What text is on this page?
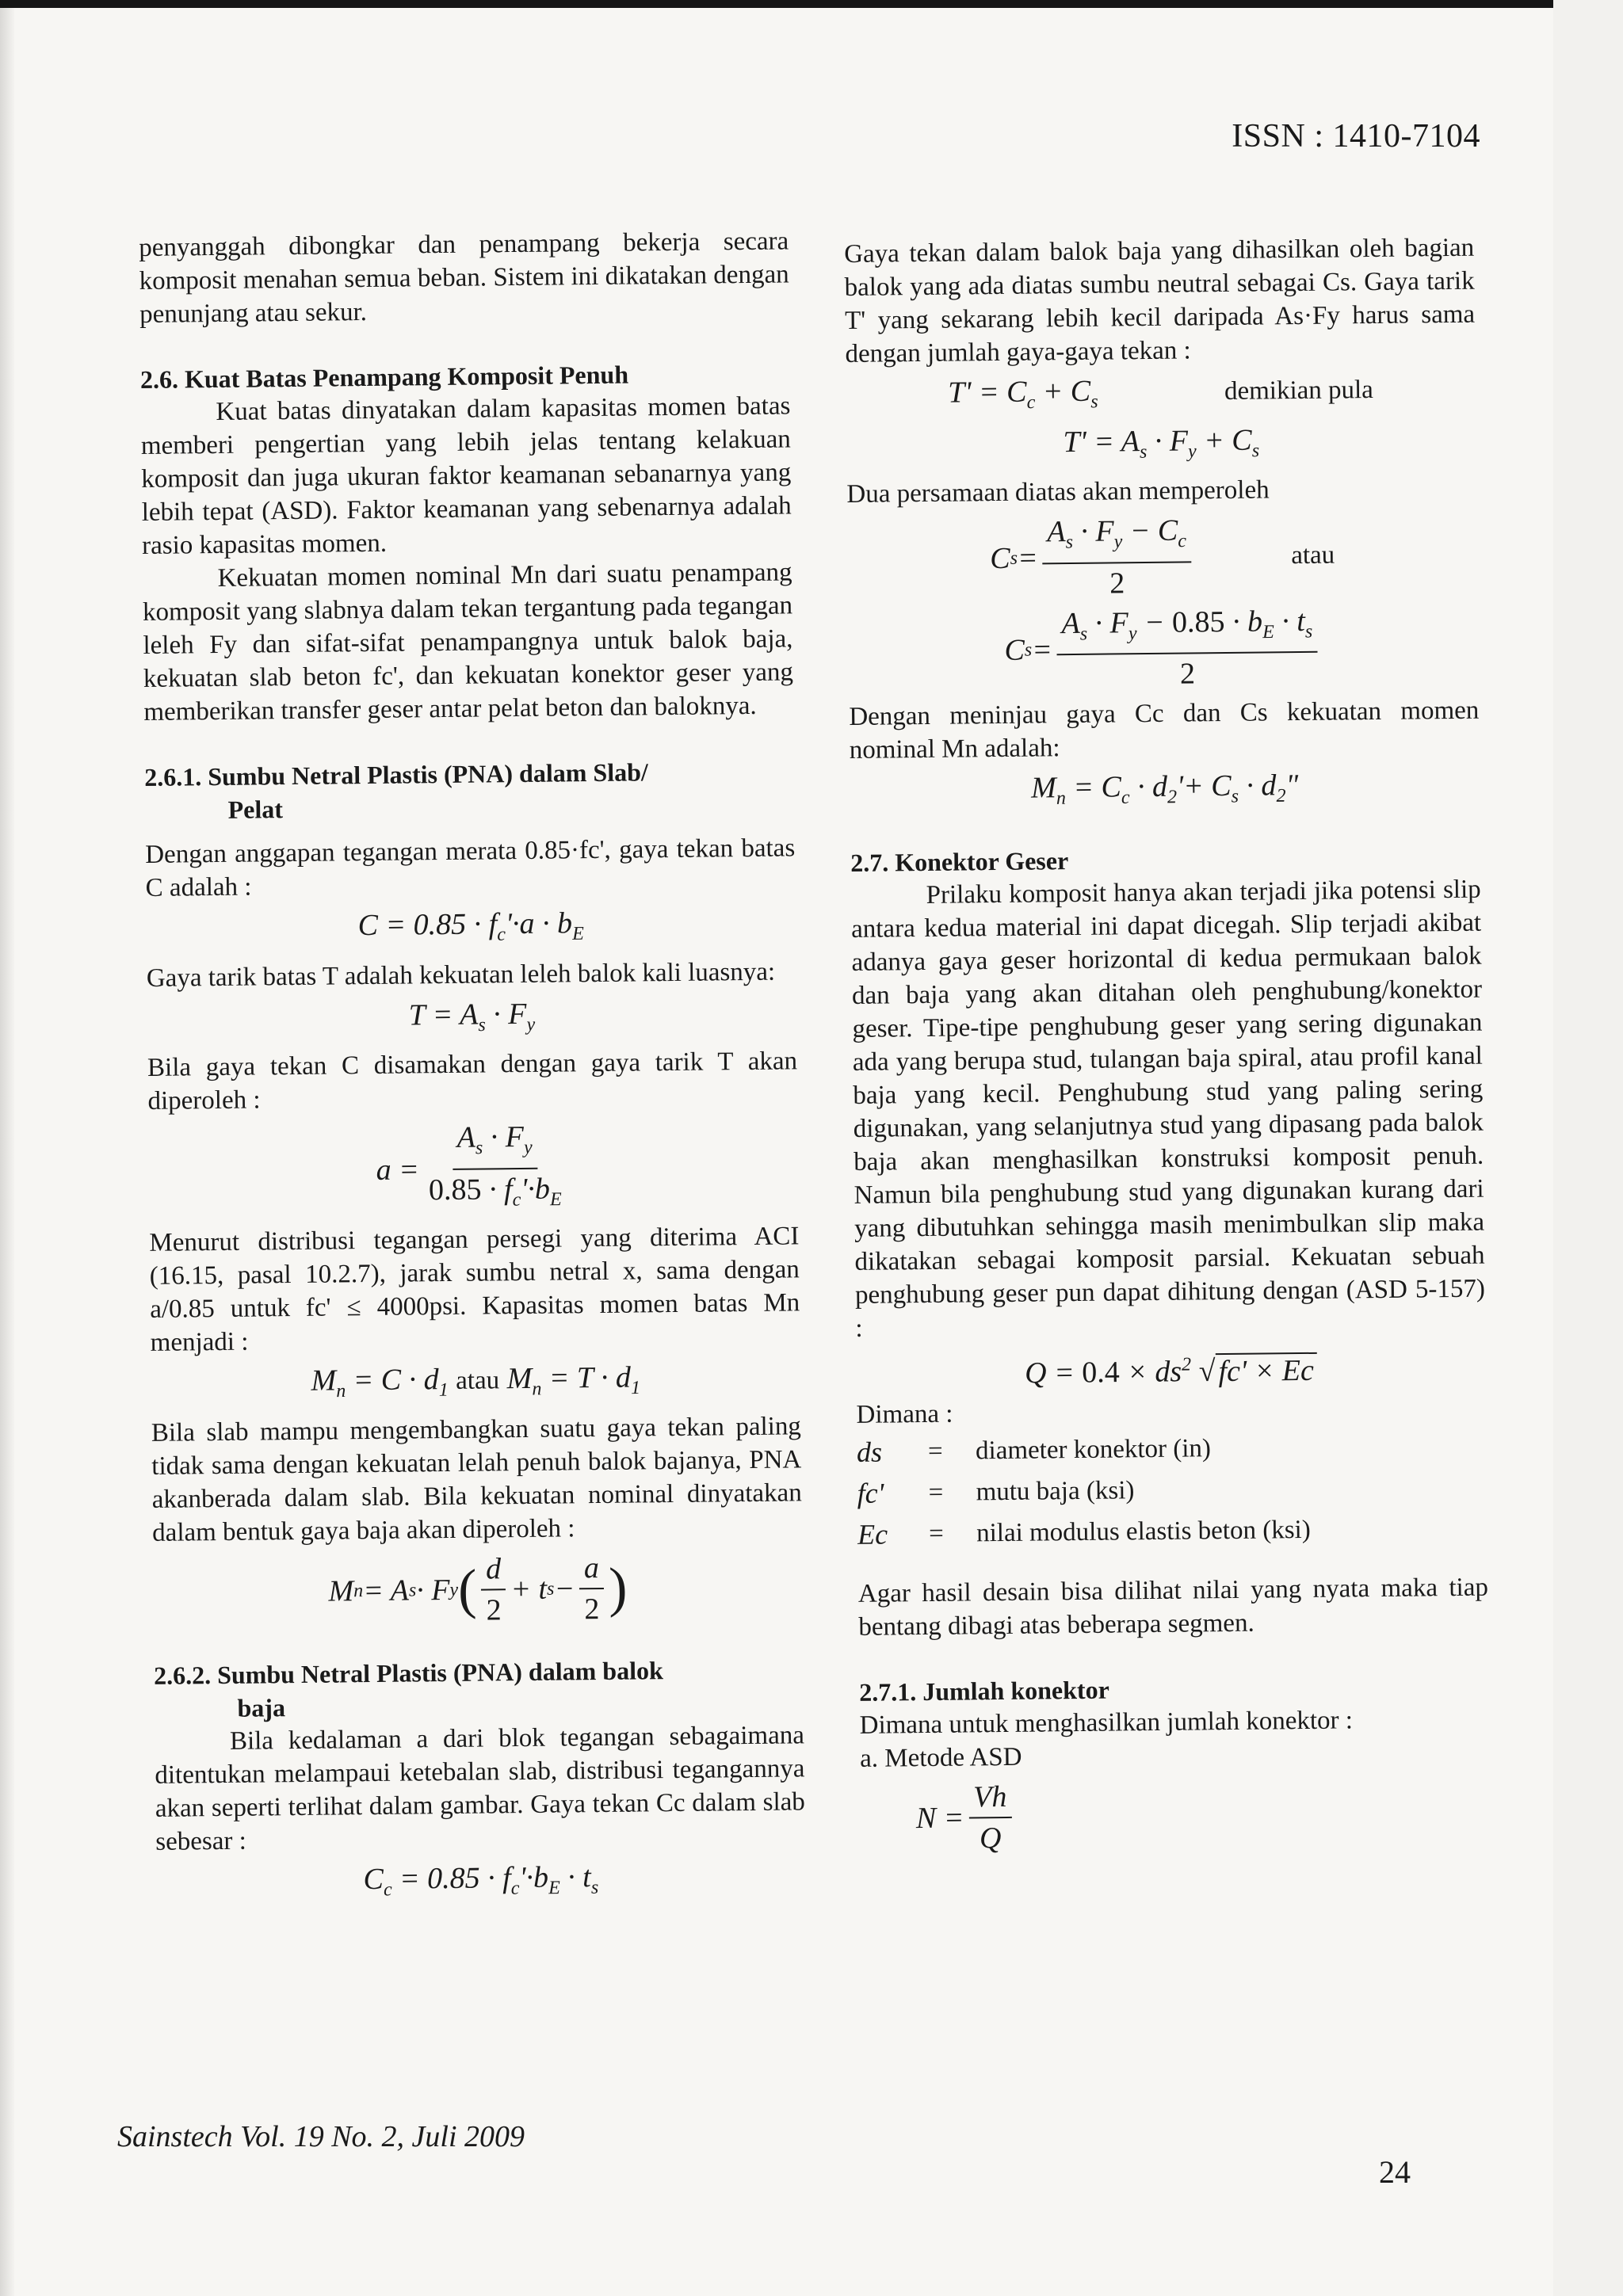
ISSN : 1410-7104

penyanggah dibongkar dan penampang bekerja secara komposit menahan semua beban. Sistem ini dikatakan dengan penunjang atau sekur.

2.6. Kuat Batas Penampang Komposit Penuh

Kuat batas dinyatakan dalam kapasitas momen batas memberi pengertian yang lebih jelas tentang kelakuan komposit dan juga ukuran faktor keamanan sebanarnya yang lebih tepat (ASD). Faktor keamanan yang sebenarnya adalah rasio kapasitas momen.

Kekuatan momen nominal Mn dari suatu penampang komposit yang slabnya dalam tekan tergantung pada tegangan leleh Fy dan sifat-sifat penampangnya untuk balok baja, kekuatan slab beton fc', dan kekuatan konektor geser yang memberikan transfer geser antar pelat beton dan baloknya.

2.6.1. Sumbu Netral Plastis (PNA) dalam Slab/

Pelat

Dengan anggapan tegangan merata 0.85·fc', gaya tekan batas C adalah :

$C = 0.85 \cdot f_c'\cdot a \cdot b_E$

Gaya tarik batas T adalah kekuatan leleh balok kali luasnya:

$T = A_s \cdot F_y$

Bila gaya tekan C disamakan dengan gaya tarik T akan diperoleh :

$a = \frac{A_s \cdot F_y}{0.85 \cdot f_c'\cdot b_E}$

Menurut distribusi tegangan persegi yang diterima ACI (16.15, pasal 10.2.7), jarak sumbu netral x, sama dengan a/0.85 untuk fc' ≤ 4000psi. Kapasitas momen batas Mn menjadi :

$M_n = C \cdot d_1$ atau $M_n = T \cdot d_1$

Bila slab mampu mengembangkan suatu gaya tekan paling tidak sama dengan kekuatan lelah penuh balok bajanya, PNA akanberada dalam slab. Bila kekuatan nominal dinyatakan dalam bentuk gaya baja akan diperoleh :

M n = A s · F y ( $\frac{d}{2} + t$ $s - \frac{a}{2}$ )

2.6.2. Sumbu Netral Plastis (PNA) dalam balok

baja

Bila kedalaman a dari blok tegangan sebagaimana ditentukan melampaui ketebalan slab, distribusi tegangannya akan seperti terlihat dalam gambar. Gaya tekan Cc dalam slab sebesar :

$C_c = 0.85 \cdot f_c'\cdot b_E \cdot t_s$

Gaya tekan dalam balok baja yang dihasilkan oleh bagian balok yang ada diatas sumbu neutral sebagai Cs. Gaya tarik T' yang sekarang lebih kecil daripada As·Fy harus sama dengan jumlah gaya-gaya tekan :

$T' = C_c + C_s$	demikian pula
$T' = A_s \cdot F_y + C_s$

Dua persamaan diatas akan memperoleh

C $s = \frac{A_s \cdot F_y - C_c}{2}$	atau
C $s = \frac{A_s \cdot F_y - 0.85 \cdot b_E \cdot t_s}{2}$

Dengan meninjau gaya Cc dan Cs kekuatan momen nominal Mn adalah:

$M_n = C_c \cdot d_2'+ C_s \cdot d_2$"

2.7. Konektor Geser

Prilaku komposit hanya akan terjadi jika potensi slip antara kedua material ini dapat dicegah. Slip terjadi akibat adanya gaya geser horizontal di kedua permukaan balok dan baja yang akan ditahan oleh penghubung/konektor geser. Tipe-tipe penghubung geser yang sering digunakan ada yang berupa stud, tulangan baja spiral, atau profil kanal baja yang kecil. Penghubung stud yang paling sering digunakan, yang selanjutnya stud yang dipasang pada balok baja akan menghasilkan konstruksi komposit penuh. Namun bila penghubung stud yang digunakan kurang dari yang dibutuhkan sehingga masih menimbulkan slip maka dikatakan sebagai komposit parsial. Kekuatan sebuah penghubung geser pun dapat dihitung dengan (ASD 5-157) :

$Q = 0.4 \times ds^2$ √fc' × Ec

Dimana :

ds	=	diameter konektor (in)
fc'	=	mutu baja (ksi)
Ec	=	nilai modulus elastis beton (ksi)

Agar hasil desain bisa dilihat nilai yang nyata maka tiap bentang dibagi atas beberapa segmen.

2.7.1. Jumlah konektor

Dimana untuk menghasilkan jumlah konektor :

a. Metode ASD

$N = \frac{Vh}{Q}$
Sainstech Vol. 19 No. 2, Juli 2009
24
